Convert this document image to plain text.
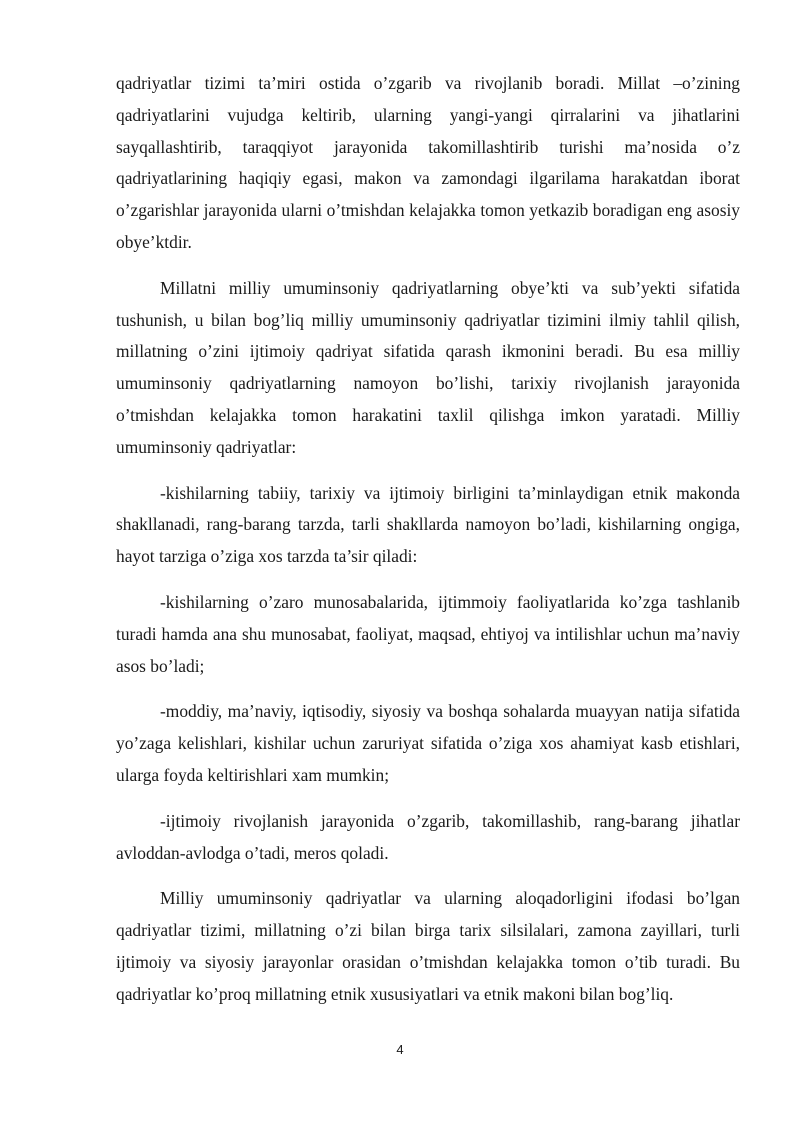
qadriyatlar tizimi ta’miri ostida o’zgarib va rivojlanib boradi. Millat –o’zining qadriyatlarini vujudga keltirib, ularning yangi-yangi qirralarini va jihatlarini sayqallashtirib, taraqqiyot jarayonida takomillashtirib turishi ma’nosida o’z qadriyatlarining haqiqiy egasi, makon va zamondagi ilgarilama harakatdan iborat o’zgarishlar jarayonida ularni o’tmishdan kelajakka tomon yetkazib boradigan eng asosiy obye’ktdir.

Millatni milliy umuminsoniy qadriyatlarning obye’kti va sub’yekti sifatida tushunish, u bilan bog’liq milliy umuminsoniy qadriyatlar tizimini ilmiy tahlil qilish, millatning o’zini ijtimoiy qadriyat sifatida qarash ikmonini beradi. Bu esa milliy umuminsoniy qadriyatlarning namoyon bo’lishi, tarixiy rivojlanish jarayonida o’tmishdan kelajakka tomon harakatini taxlil qilishga imkon yaratadi. Milliy umuminsoniy qadriyatlar:

-kishilarning tabiiy, tarixiy va ijtimoiy birligini ta’minlaydigan etnik makonda shakllanadi, rang-barang tarzda, tarli shakllarda namoyon bo’ladi, kishilarning ongiga, hayot tarziga o’ziga xos tarzda ta’sir qiladi:

-kishilarning o’zaro munosabalarida, ijtimmoiy faoliyatlarida ko’zga tashlanib turadi hamda ana shu munosabat, faoliyat, maqsad, ehtiyoj va intilishlar uchun ma’naviy asos bo’ladi;

-moddiy, ma’naviy, iqtisodiy, siyosiy va boshqa sohalarda muayyan natija sifatida yo’zaga kelishlari, kishilar uchun zaruriyat sifatida o’ziga xos ahamiyat kasb etishlari, ularga foyda keltirishlari xam mumkin;

-ijtimoiy rivojlanish jarayonida o’zgarib, takomillashib, rang-barang jihatlar avloddan-avlodga o’tadi, meros qoladi.

Milliy umuminsoniy qadriyatlar va ularning aloqadorligini ifodasi bo’lgan qadriyatlar tizimi, millatning o’zi bilan birga tarix silsilalari, zamona zayillari, turli ijtimoiy va siyosiy jarayonlar orasidan o’tmishdan kelajakka tomon o’tib turadi. Bu qadriyatlar ko’proq millatning etnik xususiyatlari va etnik makoni bilan bog’liq.

4
